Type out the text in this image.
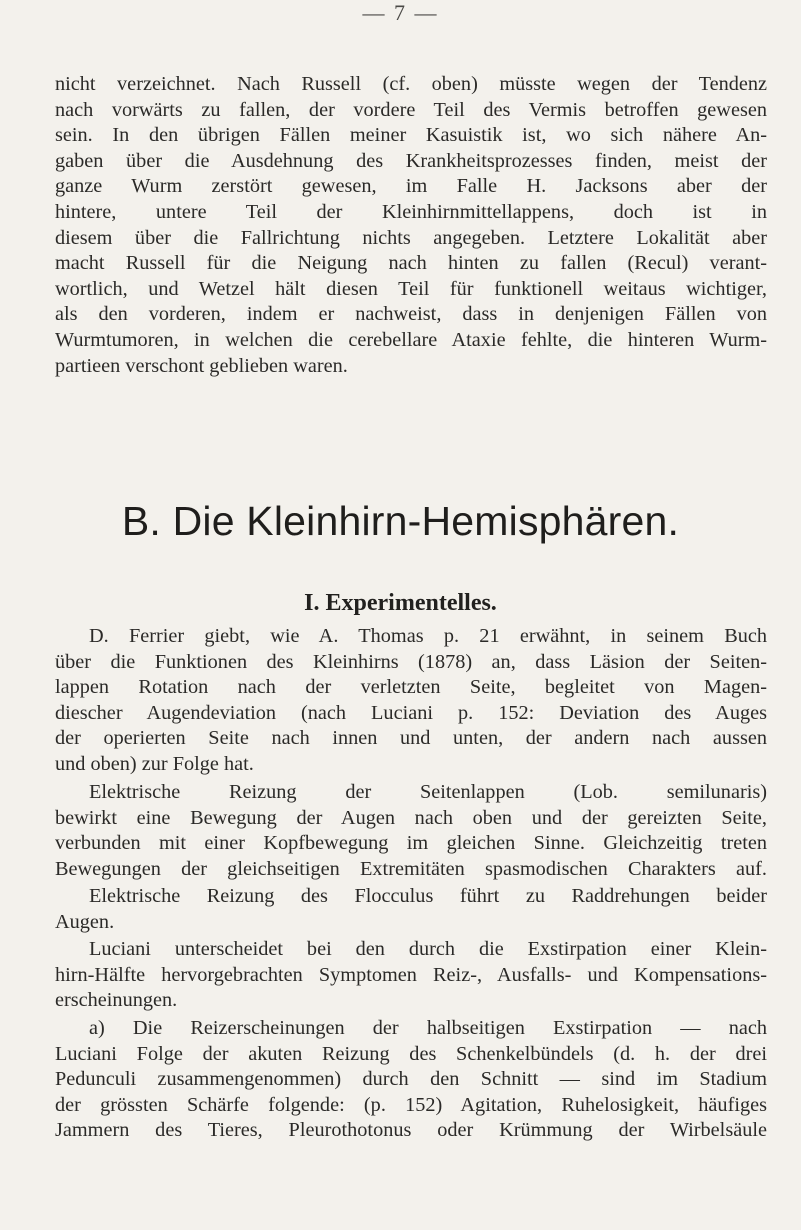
— 7 —
nicht verzeichnet. Nach Russell (cf. oben) müsste wegen der Tendenz
nach vorwärts zu fallen, der vordere Teil des Vermis betroffen gewesen
sein. In den übrigen Fällen meiner Kasuistik ist, wo sich nähere An-
gaben über die Ausdehnung des Krankheitsprozesses finden, meist der
ganze Wurm zerstört gewesen, im Falle H. Jacksons aber der
hintere, untere Teil der Kleinhirnmittellappens, doch ist in
diesem über die Fallrichtung nichts angegeben. Letztere Lokalität aber
macht Russell für die Neigung nach hinten zu fallen (Recul) verant-
wortlich, und Wetzel hält diesen Teil für funktionell weitaus wichtiger,
als den vorderen, indem er nachweist, dass in denjenigen Fällen von
Wurmtumoren, in welchen die cerebellare Ataxie fehlte, die hinteren Wurm-
partieen verschont geblieben waren.
B. Die Kleinhirn-Hemisphären.
I. Experimentelles.
D. Ferrier giebt, wie A. Thomas p. 21 erwähnt, in seinem Buch
über die Funktionen des Kleinhirns (1878) an, dass Läsion der Seiten-
lappen Rotation nach der verletzten Seite, begleitet von Magen-
diescher Augendeviation (nach Luciani p. 152: Deviation des Auges
der operierten Seite nach innen und unten, der andern nach aussen
und oben) zur Folge hat.
Elektrische Reizung der Seitenlappen (Lob. semilunaris)
bewirkt eine Bewegung der Augen nach oben und der gereizten Seite,
verbunden mit einer Kopfbewegung im gleichen Sinne. Gleichzeitig treten
Bewegungen der gleichseitigen Extremitäten spasmodischen Charakters auf.
Elektrische Reizung des Flocculus führt zu Raddrehungen beider
Augen.
Luciani unterscheidet bei den durch die Exstirpation einer Klein-
hirn-Hälfte hervorgebrachten Symptomen Reiz-, Ausfalls- und Kompensations-
erscheinungen.
a) Die Reizerscheinungen der halbseitigen Exstirpation — nach
Luciani Folge der akuten Reizung des Schenkelbündels (d. h. der drei
Pedunculi zusammengenommen) durch den Schnitt — sind im Stadium
der grössten Schärfe folgende: (p. 152) Agitation, Ruhelosigkeit, häufiges
Jammern des Tieres, Pleurothotonus oder Krümmung der Wirbelsäule
